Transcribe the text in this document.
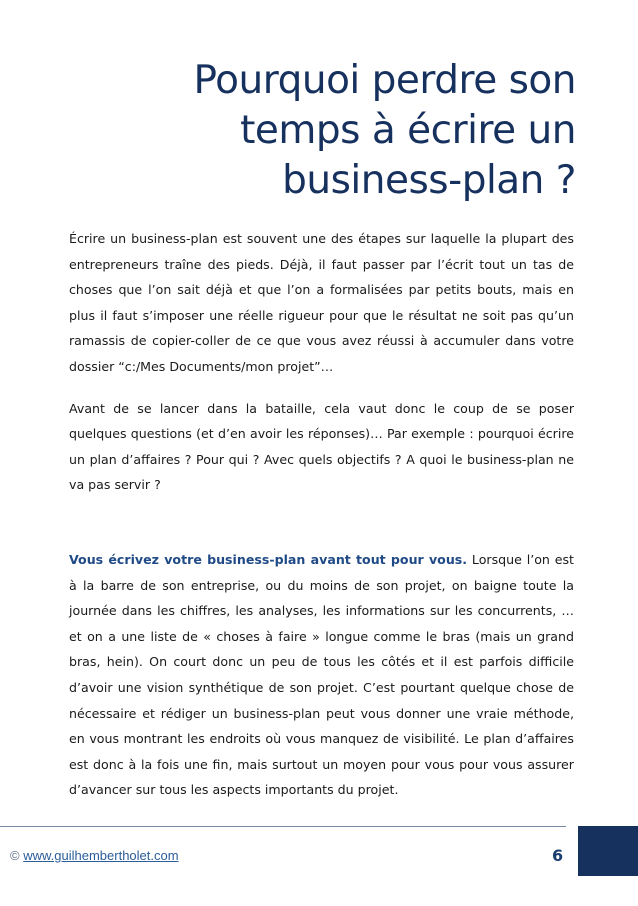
Pourquoi perdre son
temps à écrire un
business-plan ?

Écrire un business-plan est souvent une des étapes sur laquelle la plupart des entrepreneurs traîne des pieds. Déjà, il faut passer par l’écrit tout un tas de choses que l’on sait déjà et que l’on a formalisées par petits bouts, mais en plus il faut s’imposer une réelle rigueur pour que le résultat ne soit pas qu’un ramassis de copier-coller de ce que vous avez réussi à accumuler dans votre dossier “c:/Mes Documents/mon projet”…

Avant de se lancer dans la bataille, cela vaut donc le coup de se poser quelques questions (et d’en avoir les réponses)… Par exemple : pourquoi écrire un plan d’affaires ? Pour qui ? Avec quels objectifs ? A quoi le business-plan ne va pas servir ?

Vous écrivez votre business-plan avant tout pour vous. Lorsque l’on est à la barre de son entreprise, ou du moins de son projet, on baigne toute la journée dans les chiffres, les analyses, les informations sur les concurrents, … et on a une liste de « choses à faire » longue comme le bras (mais un grand bras, hein). On court donc un peu de tous les côtés et il est parfois difficile d’avoir une vision synthétique de son projet. C’est pourtant quelque chose de nécessaire et rédiger un business-plan peut vous donner une vraie méthode, en vous montrant les endroits où vous manquez de visibilité. Le plan d’affaires est donc à la fois une fin, mais surtout un moyen pour vous pour vous assurer d’avancer sur tous les aspects importants du projet.

© www.guilhembertholet.com	6
